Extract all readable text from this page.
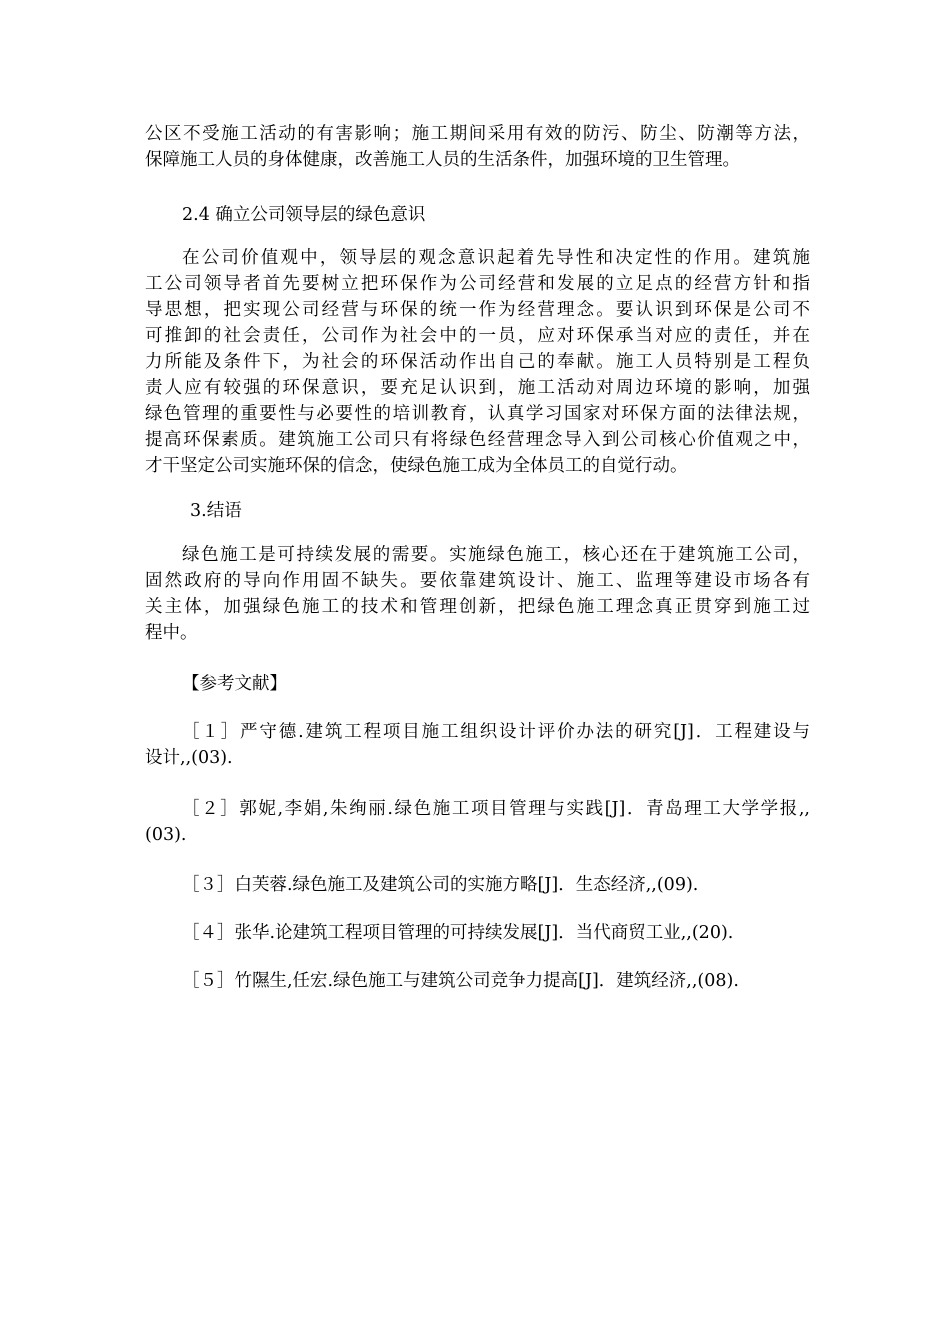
公区不受施工活动的有害影响；施工期间采用有效的防污、防尘、防潮等方法，
保障施工人员的身体健康，改善施工人员的生活条件，加强环境的卫生管理。
2.4 确立公司领导层的绿色意识
在公司价值观中，领导层的观念意识起着先导性和决定性的作用。建筑施
工公司领导者首先要树立把环保作为公司经营和发展的立足点的经营方针和指
导思想，把实现公司经营与环保的统一作为经营理念。要认识到环保是公司不
可推卸的社会责任，公司作为社会中的一员，应对环保承当对应的责任，并在
力所能及条件下，为社会的环保活动作出自己的奉献。施工人员特别是工程负
责人应有较强的环保意识，要充足认识到，施工活动对周边环境的影响，加强
绿色管理的重要性与必要性的培训教育，认真学习国家对环保方面的法律法规，
提高环保素质。建筑施工公司只有将绿色经营理念导入到公司核心价值观之中，
才干坚定公司实施环保的信念，使绿色施工成为全体员工的自觉行动。
3.结语
绿色施工是可持续发展的需要。实施绿色施工，核心还在于建筑施工公司，
固然政府的导向作用固不缺失。要依靠建筑设计、施工、监理等建设市场各有
关主体，加强绿色施工的技术和管理创新，把绿色施工理念真正贯穿到施工过
程中。
【参考文献】
［１］严守德.建筑工程项目施工组织设计评价办法的研究[J]．工程建设与
设计,,(03).
［２］郭妮,李娟,朱绚丽.绿色施工项目管理与实践[J]．青岛理工大学学报,,
(03).
［３］白芙蓉.绿色施工及建筑公司的实施方略[J]．生态经济,,(09).
［４］张华.论建筑工程项目管理的可持续发展[J]．当代商贸工业,,(20).
［５］竹隰生,任宏.绿色施工与建筑公司竞争力提高[J]．建筑经济,,(08).
